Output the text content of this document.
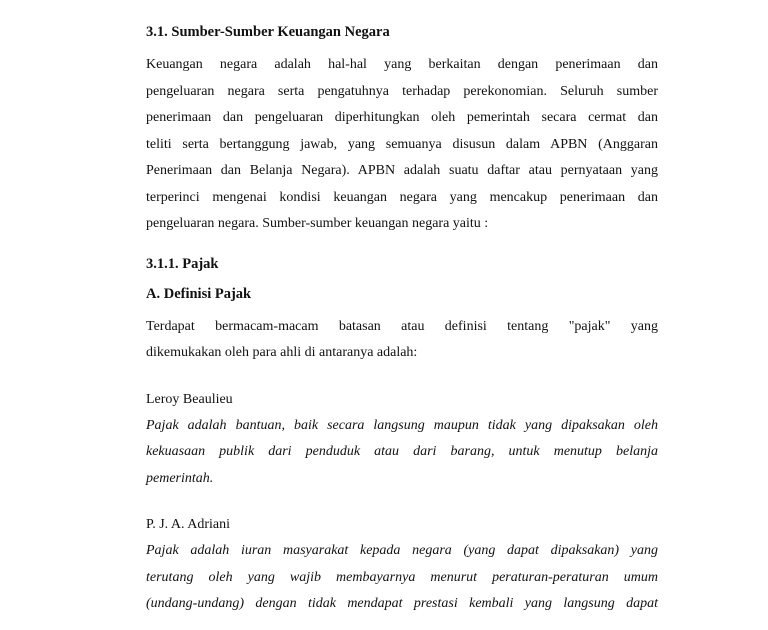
3.1. Sumber-Sumber Keuangan Negara

Keuangan negara adalah hal-hal yang berkaitan dengan penerimaan dan
pengeluaran negara serta pengatuhnya terhadap perekonomian. Seluruh sumber
penerimaan dan pengeluaran diperhitungkan oleh pemerintah secara cermat dan
teliti serta bertanggung jawab, yang semuanya disusun dalam APBN (Anggaran
Penerimaan dan Belanja Negara). APBN adalah suatu daftar atau pernyataan yang
terperinci mengenai kondisi keuangan negara yang mencakup penerimaan dan
pengeluaran negara. Sumber-sumber keuangan negara yaitu :

3.1.1. Pajak

A. Definisi Pajak

Terdapat bermacam-macam batasan atau definisi tentang "pajak" yang
dikemukakan oleh para ahli di antaranya adalah:

Leroy Beaulieu

Pajak adalah bantuan, baik secara langsung maupun tidak yang dipaksakan oleh
kekuasaan publik dari penduduk atau dari barang, untuk menutup belanja
pemerintah.

P. J. A. Adriani

Pajak adalah iuran masyarakat kepada negara (yang dapat dipaksakan) yang
terutang oleh yang wajib membayarnya menurut peraturan-peraturan umum
(undang-undang) dengan tidak mendapat prestasi kembali yang langsung dapat
